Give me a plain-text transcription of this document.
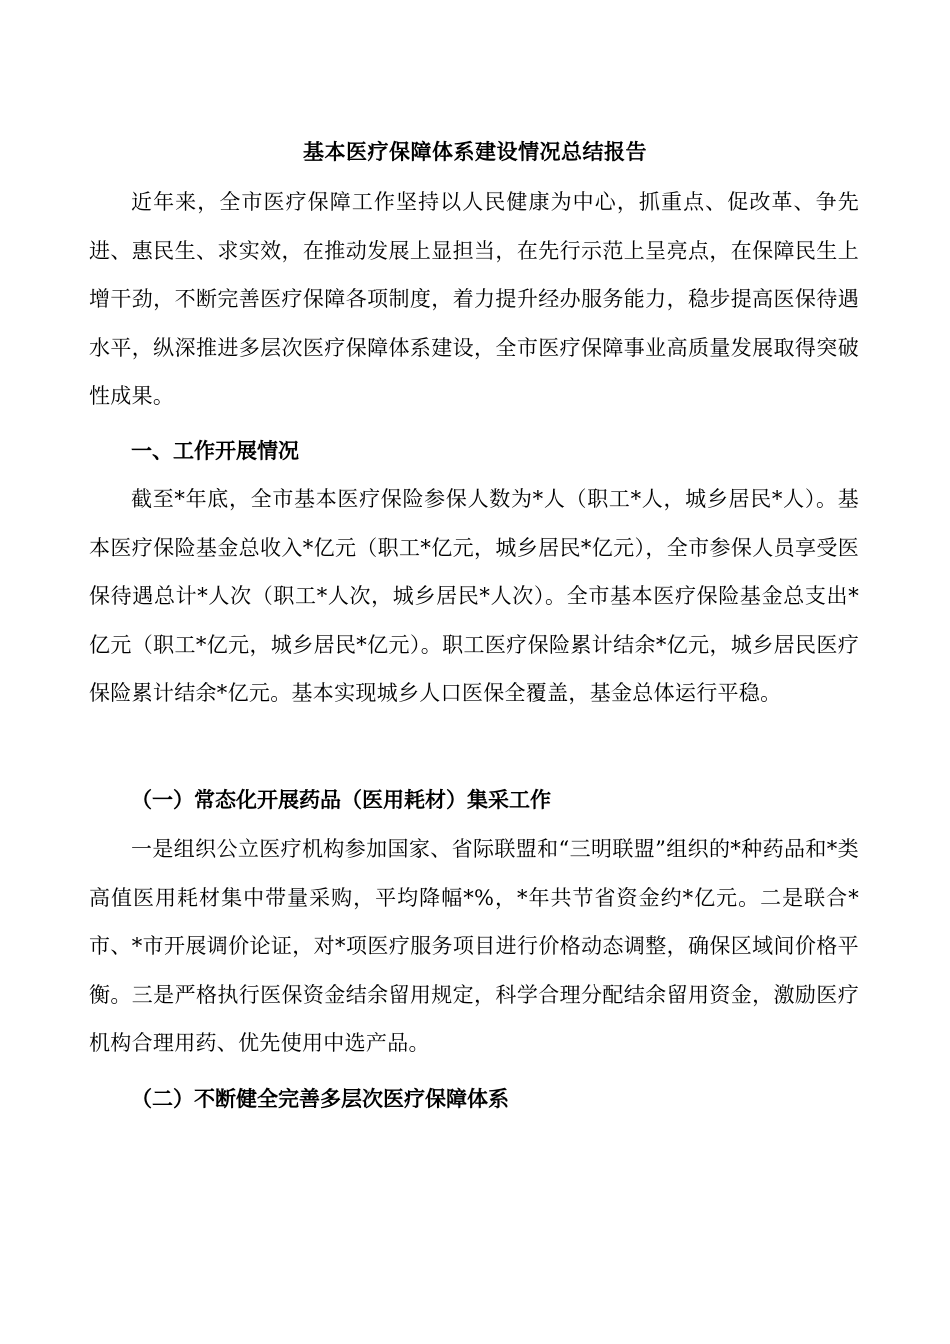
基本医疗保障体系建设情况总结报告

近年来，全市医疗保障工作坚持以人民健康为中心，抓重点、促改革、争先进、惠民生、求实效，在推动发展上显担当，在先行示范上呈亮点，在保障民生上增干劲，不断完善医疗保障各项制度，着力提升经办服务能力，稳步提高医保待遇水平，纵深推进多层次医疗保障体系建设，全市医疗保障事业高质量发展取得突破性成果。

一、工作开展情况

截至*年底，全市基本医疗保险参保人数为*人（职工*人，城乡居民*人）。基本医疗保险基金总收入*亿元（职工*亿元，城乡居民*亿元），全市参保人员享受医保待遇总计*人次（职工*人次，城乡居民*人次）。全市基本医疗保险基金总支出*亿元（职工*亿元，城乡居民*亿元）。职工医疗保险累计结余*亿元，城乡居民医疗保险累计结余*亿元。基本实现城乡人口医保全覆盖，基金总体运行平稳。

（一）常态化开展药品（医用耗材）集采工作

一是组织公立医疗机构参加国家、省际联盟和“三明联盟”组织的*种药品和*类高值医用耗材集中带量采购，平均降幅*%，*年共节省资金约*亿元。二是联合*市、*市开展调价论证，对*项医疗服务项目进行价格动态调整，确保区域间价格平衡。三是严格执行医保资金结余留用规定，科学合理分配结余留用资金，激励医疗机构合理用药、优先使用中选产品。

（二）不断健全完善多层次医疗保障体系
